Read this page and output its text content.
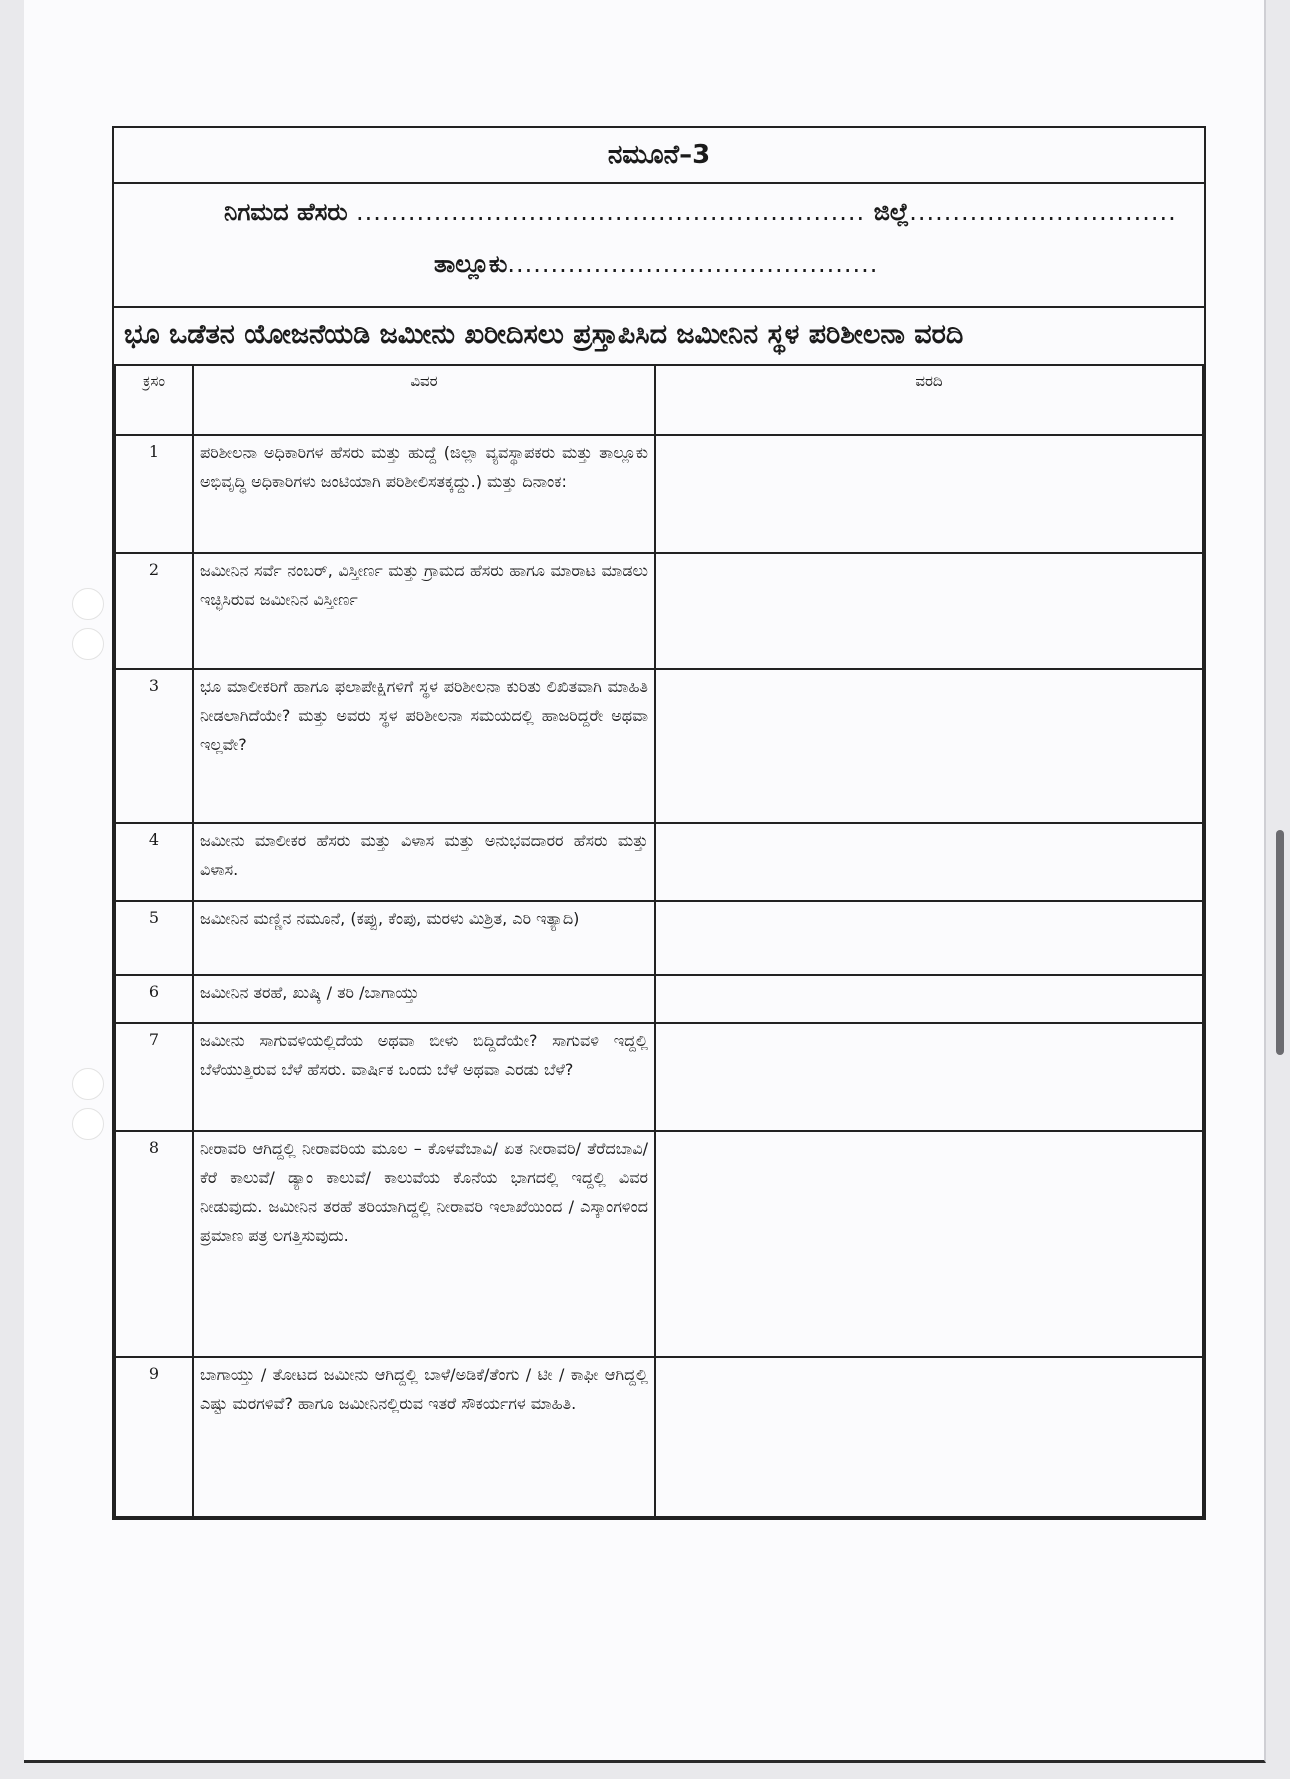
ನಮೂನೆ–3
ನಿಗಮದ ಹೆಸರು ........................................................... ಜಿಲ್ಲೆ...............................
ತಾಲ್ಲೂಕು...........................................
ಭೂ ಒಡೆತನ ಯೋಜನೆಯಡಿ ಜಮೀನು ಖರೀದಿಸಲು ಪ್ರಸ್ತಾಪಿಸಿದ ಜಮೀನಿನ ಸ್ಥಳ ಪರಿಶೀಲನಾ ವರದಿ
ಕ್ರಸಂ	ವಿವರ	ವರದಿ
1	ಪರಿಶೀಲನಾ ಅಧಿಕಾರಿಗಳ ಹೆಸರು ಮತ್ತು ಹುದ್ದೆ (ಜಿಲ್ಲಾ ವ್ಯವಸ್ಥಾಪಕರು ಮತ್ತು ತಾಲ್ಲೂಕು ಅಭಿವೃದ್ಧಿ ಅಧಿಕಾರಿಗಳು ಜಂಟಿಯಾಗಿ ಪರಿಶೀಲಿಸತಕ್ಕದ್ದು.) ಮತ್ತು ದಿನಾಂಕ:	
2	ಜಮೀನಿನ ಸರ್ವೆ ನಂಬರ್, ವಿಸ್ತೀರ್ಣ ಮತ್ತು ಗ್ರಾಮದ ಹೆಸರು ಹಾಗೂ ಮಾರಾಟ ಮಾಡಲು ಇಚ್ಛಿಸಿರುವ ಜಮೀನಿನ ವಿಸ್ತೀರ್ಣ	
3	ಭೂ ಮಾಲೀಕರಿಗೆ ಹಾಗೂ ಫಲಾಪೇಕ್ಷಿಗಳಿಗೆ ಸ್ಥಳ ಪರಿಶೀಲನಾ ಕುರಿತು ಲಿಖಿತವಾಗಿ ಮಾಹಿತಿ ನೀಡಲಾಗಿದೆಯೇ? ಮತ್ತು ಅವರು ಸ್ಥಳ ಪರಿಶೀಲನಾ ಸಮಯದಲ್ಲಿ ಹಾಜರಿದ್ದರೇ ಅಥವಾ ಇಲ್ಲವೇ?	
4	ಜಮೀನು ಮಾಲೀಕರ ಹೆಸರು ಮತ್ತು ವಿಳಾಸ ಮತ್ತು ಅನುಭವದಾರರ ಹೆಸರು ಮತ್ತು ವಿಳಾಸ.	
5	ಜಮೀನಿನ ಮಣ್ಣಿನ ನಮೂನೆ, (ಕಪ್ಪು, ಕೆಂಪು, ಮರಳು ಮಿಶ್ರಿತ, ಎರಿ ಇತ್ಯಾದಿ)	
6	ಜಮೀನಿನ ತರಹೆ, ಖುಷ್ಕಿ / ತರಿ /ಬಾಗಾಯ್ತು	
7	ಜಮೀನು ಸಾಗುವಳಿಯಲ್ಲಿದೆಯ ಅಥವಾ ಬೀಳು ಬಿದ್ದಿದೆಯೇ? ಸಾಗುವಳಿ ಇದ್ದಲ್ಲಿ ಬೆಳೆಯುತ್ತಿರುವ ಬೆಳೆ ಹೆಸರು. ವಾರ್ಷಿಕ ಒಂದು ಬೆಳೆ ಅಥವಾ ಎರಡು ಬೆಳೆ?	
8	ನೀರಾವರಿ ಆಗಿದ್ದಲ್ಲಿ ನೀರಾವರಿಯ ಮೂಲ – ಕೊಳವೆಬಾವಿ/ ಏತ ನೀರಾವರಿ/ ತೆರೆದಬಾವಿ/ ಕೆರೆ ಕಾಲುವೆ/ ಡ್ಯಾಂ ಕಾಲುವೆ/ ಕಾಲುವೆಯ ಕೊನೆಯ ಭಾಗದಲ್ಲಿ ಇದ್ದಲ್ಲಿ ವಿವರ ನೀಡುವುದು. ಜಮೀನಿನ ತರಹೆ ತರಿಯಾಗಿದ್ದಲ್ಲಿ ನೀರಾವರಿ ಇಲಾಖೆಯಿಂದ / ಎಸ್ಕಾಂಗಳಿಂದ ಪ್ರಮಾಣ ಪತ್ರ ಲಗತ್ತಿಸುವುದು.	
9	ಬಾಗಾಯ್ತು / ತೋಟದ ಜಮೀನು ಆಗಿದ್ದಲ್ಲಿ ಬಾಳೆ/ಅಡಿಕೆ/ತೆಂಗು / ಟೀ / ಕಾಫೀ ಆಗಿದ್ದಲ್ಲಿ ಎಷ್ಟು ಮರಗಳಿವೆ? ಹಾಗೂ ಜಮೀನಿನಲ್ಲಿರುವ ಇತರೆ ಸೌಕರ್ಯಗಳ ಮಾಹಿತಿ.	
